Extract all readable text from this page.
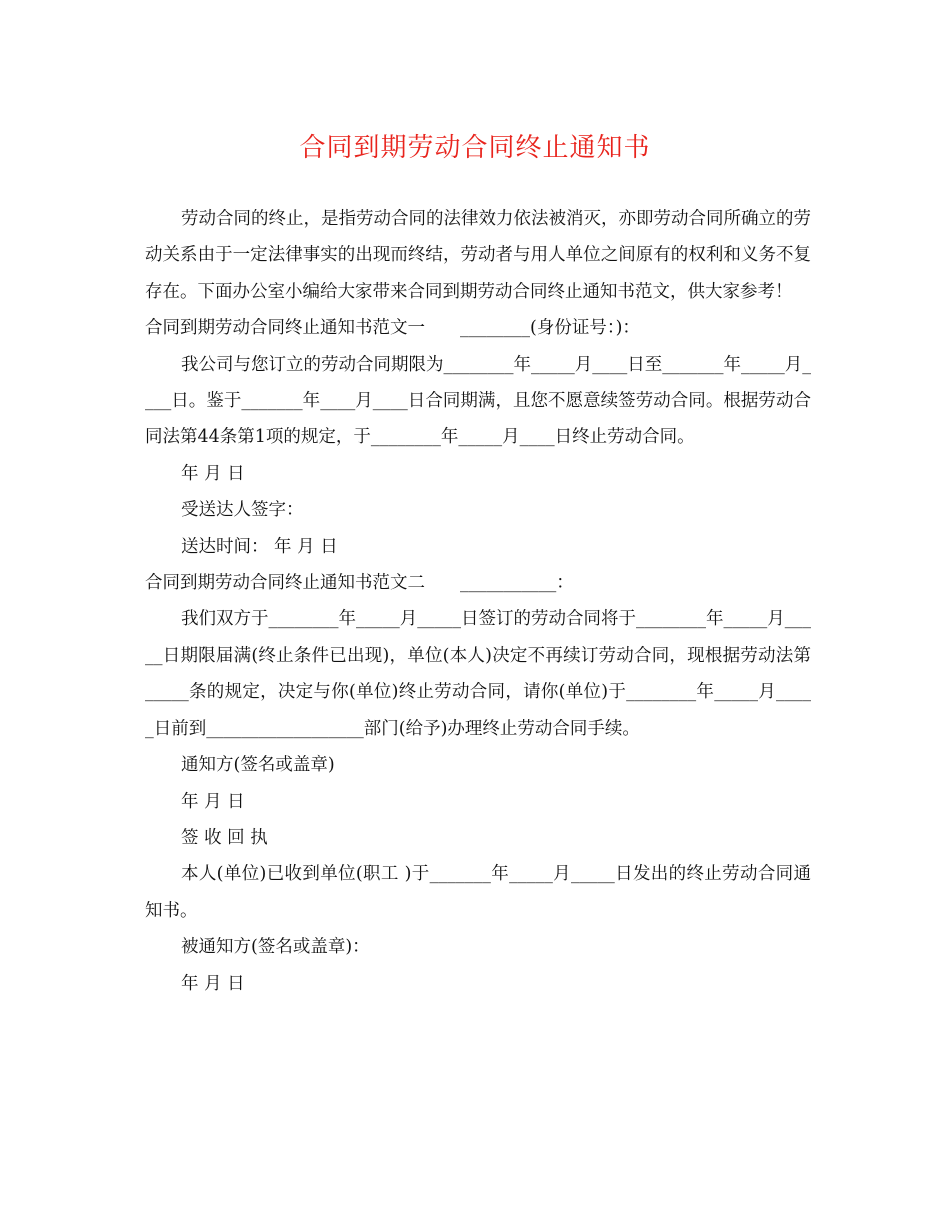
合同到期劳动合同终止通知书

劳动合同的终止，是指劳动合同的法律效力依法被消灭，亦即劳动合同所确立的劳动关系由于一定法律事实的出现而终结，劳动者与用人单位之间原有的权利和义务不复存在。下面办公室小编给大家带来合同到期劳动合同终止通知书范文，供大家参考！

合同到期劳动合同终止通知书范文一　　________(身份证号：)：

我公司与您订立的劳动合同期限为________年_____月____日至_______年_____月____日。鉴于_______年____月____日合同期满，且您不愿意续签劳动合同。根据劳动合同法第44条第1项的规定，于________年_____月____日终止劳动合同。

年 月 日

受送达人签字：

送达时间： 年 月 日

合同到期劳动合同终止通知书范文二　　___________：

我们双方于________年_____月_____日签订的劳动合同将于________年_____月_____日期限届满(终止条件已出现)，单位(本人)决定不再续订劳动合同，现根据劳动法第_____条的规定，决定与你(单位)终止劳动合同，请你(单位)于________年_____月_____日前到__________________部门(给予)办理终止劳动合同手续。

通知方(签名或盖章)

年 月 日

签 收 回 执

本人(单位)已收到单位(职工 )于_______年_____月_____日发出的终止劳动合同通知书。

被通知方(签名或盖章)：

年 月 日
